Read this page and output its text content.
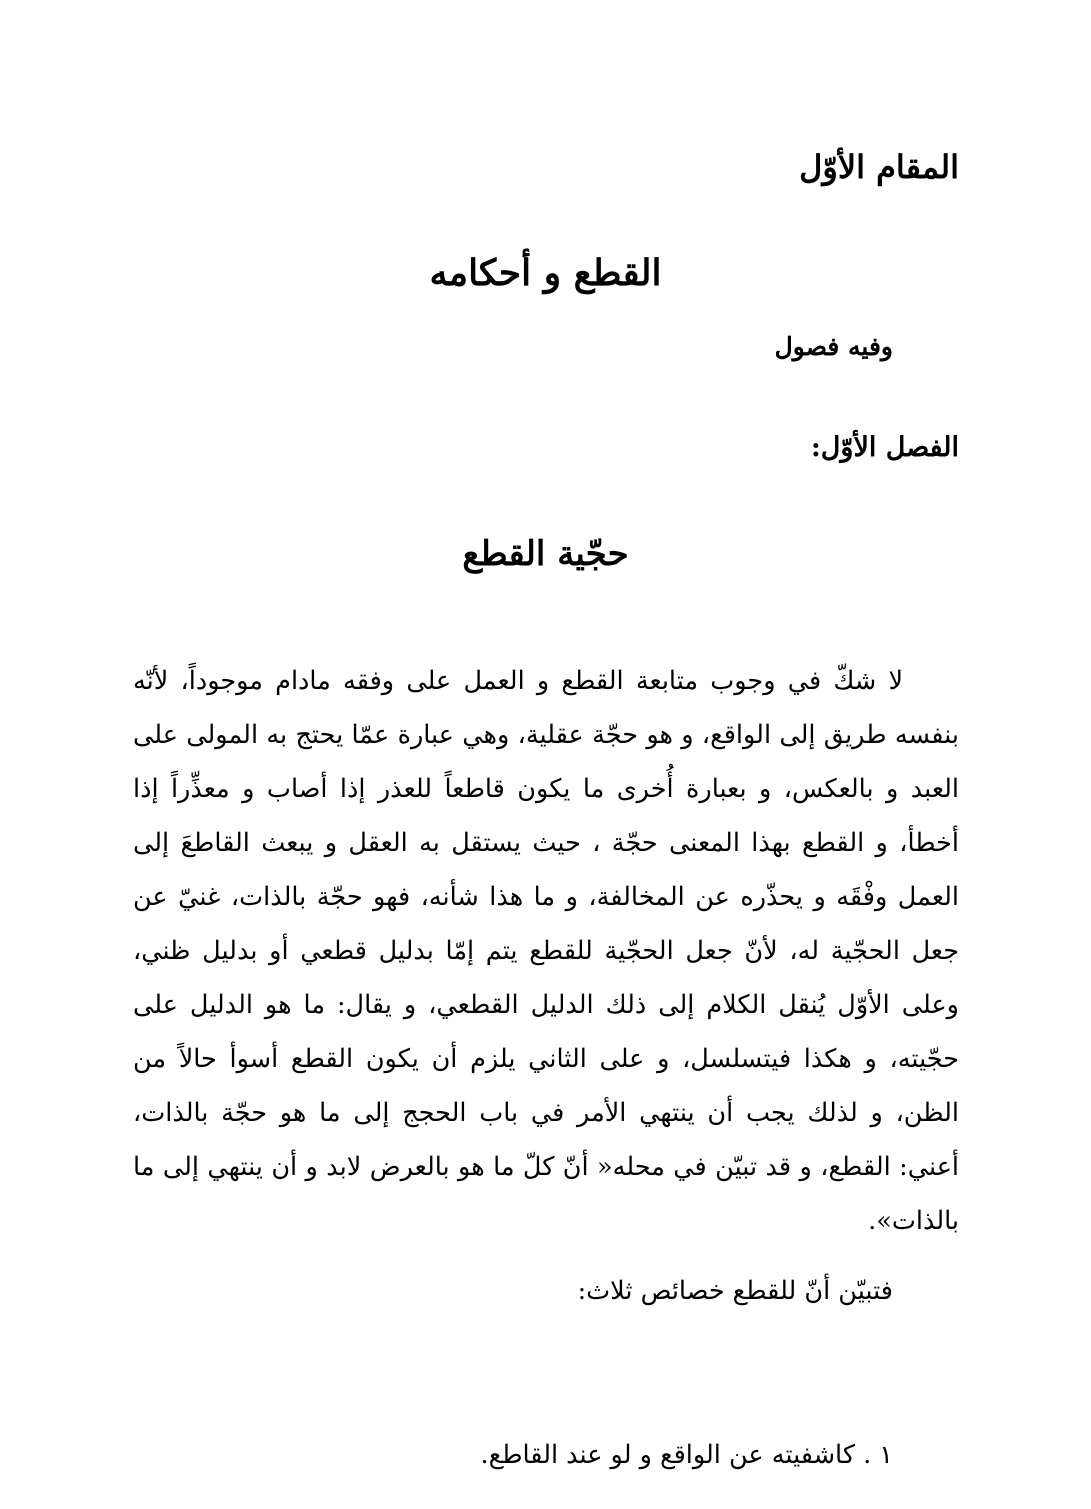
المقام الأوّل
القطع و أحكامه
وفيه فصول
الفصل الأوّل:
حجّية القطع

لا شكّ في وجوب متابعة القطع و العمل على وفقه مادام موجوداً، لأنّه بنفسه طريق إلى الواقع، و هو حجّة عقلية، وهي عبارة عمّا يحتج به المولى على العبد و بالعكس، و بعبارة أُخرى ما يكون قاطعاً للعذر إذا أصاب و معذِّراً إذا أخطأ، و القطع بهذا المعنى حجّة ، حيث يستقل به العقل و يبعث القاطعَ إلى العمل وفْقَه و يحذّره عن المخالفة، و ما هذا شأنه، فهو حجّة بالذات، غنيّ عن جعل الحجّية له، لأنّ جعل الحجّية للقطع يتم إمّا بدليل قطعي أو بدليل ظني، وعلى الأوّل يُنقل الكلام إلى ذلك الدليل القطعي، و يقال: ما هو الدليل على حجّيته، و هكذا فيتسلسل، و على الثاني يلزم أن يكون القطع أسوأ حالاً من الظن، و لذلك يجب أن ينتهي الأمر في باب الحجج إلى ما هو حجّة بالذات، أعني: القطع، و قد تبيّن في محله« أنّ كلّ ما هو بالعرض لابد و أن ينتهي إلى ما بالذات».

فتبيّن أنّ للقطع خصائص ثلاث:
١ . كاشفيته عن الواقع و لو عند القاطع.
